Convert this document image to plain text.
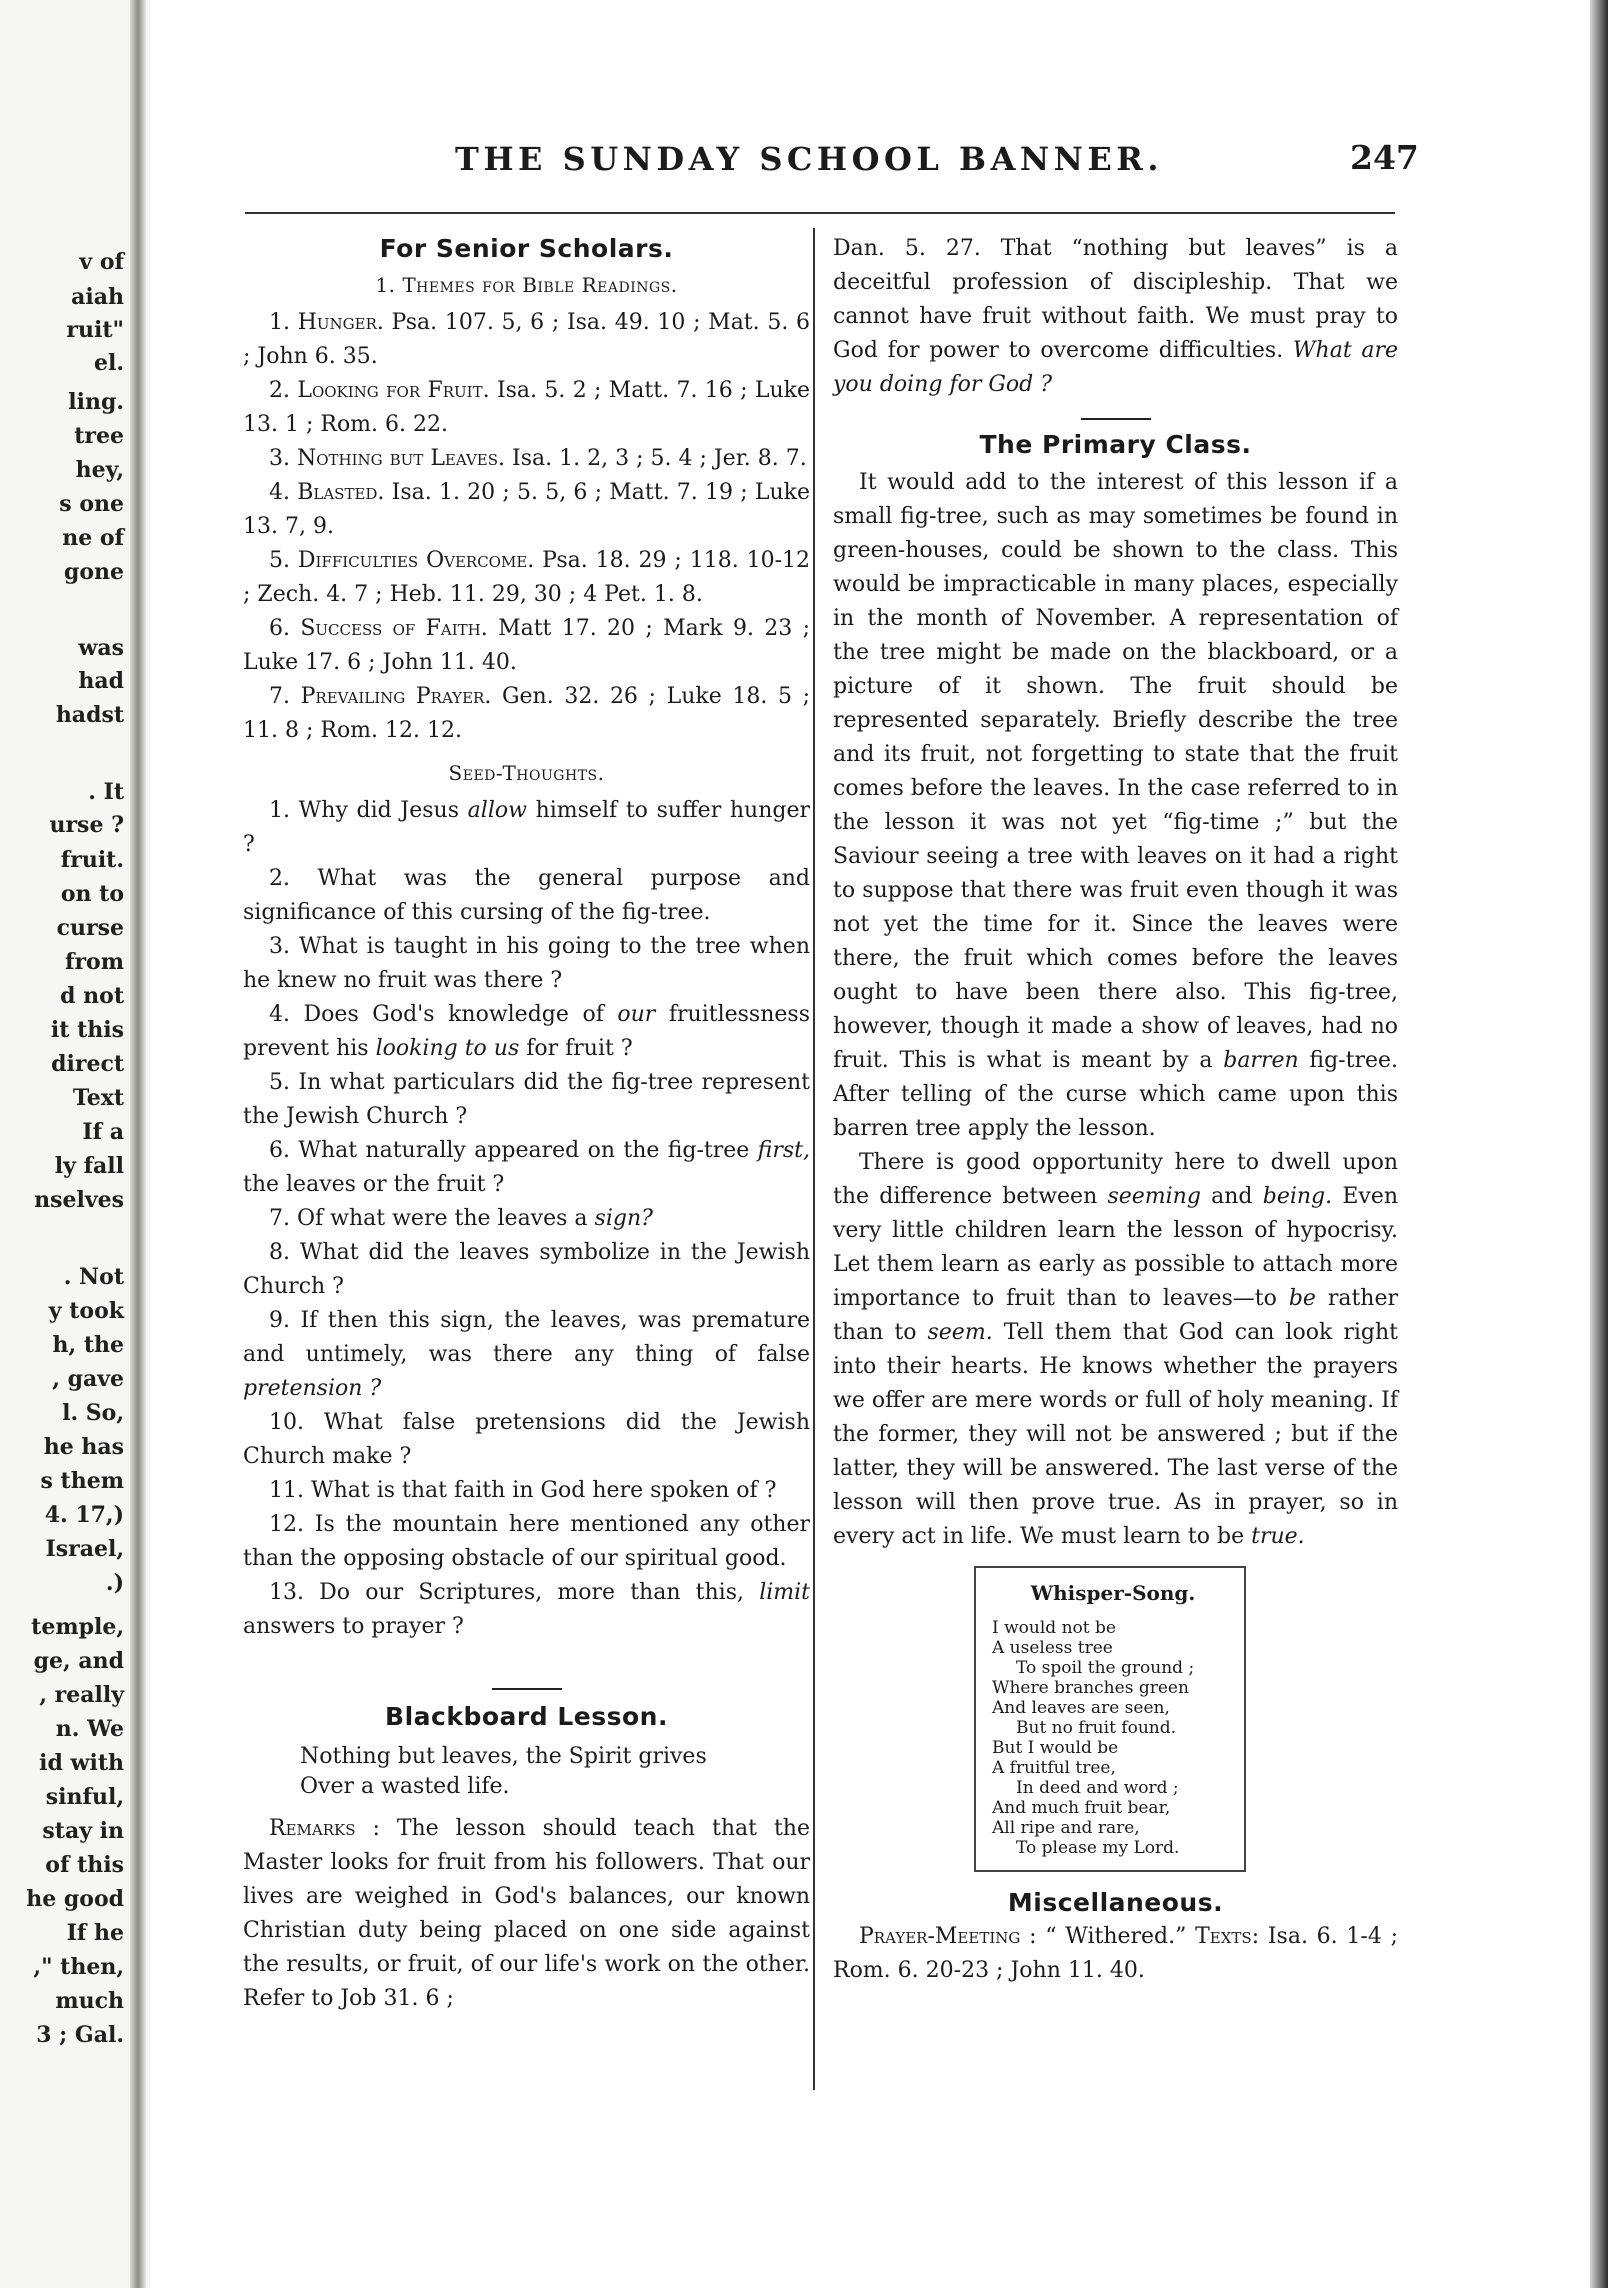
v of
aiah
ruit"
el.
ling.
tree
hey,
s one
ne of
gone
was
had
hadst
. It
urse ?
fruit.
on to
curse
from
d not
it this
direct
Text
If a
ly fall
nselves
. Not
y took
h, the
, gave
l. So,
he has
s them
4. 17,)
Israel,
.)
temple,
ge, and
, really
n. We
id with
sinful,
stay in
of this
he good
If he
," then,
much
3 ; Gal.
THE SUNDAY SCHOOL BANNER.	247
For Senior Scholars.
1. Themes for Bible Readings.

1. Hunger. Psa. 107. 5, 6 ; Isa. 49. 10 ; Mat. 5. 6 ; John 6. 35.

2. Looking for Fruit. Isa. 5. 2 ; Matt. 7. 16 ; Luke 13. 1 ; Rom. 6. 22.

3. Nothing but Leaves. Isa. 1. 2, 3 ; 5. 4 ; Jer. 8. 7.

4. Blasted. Isa. 1. 20 ; 5. 5, 6 ; Matt. 7. 19 ; Luke 13. 7, 9.

5. Difficulties Overcome. Psa. 18. 29 ; 118. 10-12 ; Zech. 4. 7 ; Heb. 11. 29, 30 ; 4 Pet. 1. 8.

6. Success of Faith. Matt 17. 20 ; Mark 9. 23 ; Luke 17. 6 ; John 11. 40.

7. Prevailing Prayer. Gen. 32. 26 ; Luke 18. 5 ; 11. 8 ; Rom. 12. 12.

Seed-Thoughts.

1. Why did Jesus allow himself to suffer hunger ?

2. What was the general purpose and significance of this cursing of the fig-tree.

3. What is taught in his going to the tree when he knew no fruit was there ?

4. Does God's knowledge of our fruitlessness prevent his looking to us for fruit ?

5. In what particulars did the fig-tree represent the Jewish Church ?

6. What naturally appeared on the fig-tree first, the leaves or the fruit ?

7. Of what were the leaves a sign?

8. What did the leaves symbolize in the Jewish Church ?

9. If then this sign, the leaves, was premature and untimely, was there any thing of false pretension ?

10. What false pretensions did the Jewish Church make ?

11. What is that faith in God here spoken of ?

12. Is the mountain here mentioned any other than the opposing obstacle of our spiritual good.

13. Do our Scriptures, more than this, limit answers to prayer ?

Blackboard Lesson.
Nothing but leaves, the Spirit grives
Over a wasted life.

Remarks : The lesson should teach that the Master looks for fruit from his followers. That our lives are weighed in God's balances, our known Christian duty being placed on one side against the results, or fruit, of our life's work on the other. Refer to Job 31. 6 ;

Dan. 5. 27. That “nothing but leaves” is a deceitful profession of discipleship. That we cannot have fruit without faith. We must pray to God for power to overcome difficulties. What are you doing for God ?

The Primary Class.

It would add to the interest of this lesson if a small fig-tree, such as may sometimes be found in green-houses, could be shown to the class. This would be impracticable in many places, especially in the month of November. A representation of the tree might be made on the blackboard, or a picture of it shown. The fruit should be represented separately. Briefly describe the tree and its fruit, not forgetting to state that the fruit comes before the leaves. In the case referred to in the lesson it was not yet “fig-time ;” but the Saviour seeing a tree with leaves on it had a right to suppose that there was fruit even though it was not yet the time for it. Since the leaves were there, the fruit which comes before the leaves ought to have been there also. This fig-tree, however, though it made a show of leaves, had no fruit. This is what is meant by a barren fig-tree. After telling of the curse which came upon this barren tree apply the lesson.

There is good opportunity here to dwell upon the difference between seeming and being. Even very little children learn the lesson of hypocrisy. Let them learn as early as possible to attach more importance to fruit than to leaves—to be rather than to seem. Tell them that God can look right into their hearts. He knows whether the prayers we offer are mere words or full of holy meaning. If the former, they will not be answered ; but if the latter, they will be answered. The last verse of the lesson will then prove true. As in prayer, so in every act in life. We must learn to be true.

Whisper-Song.
I would not be
A useless tree
To spoil the ground ;
Where branches green
And leaves are seen,
But no fruit found.
But I would be
A fruitful tree,
In deed and word ;
And much fruit bear,
All ripe and rare,
To please my Lord.
Miscellaneous.

Prayer-Meeting : “ Withered.” Texts: Isa. 6. 1-4 ; Rom. 6. 20-23 ; John 11. 40.
